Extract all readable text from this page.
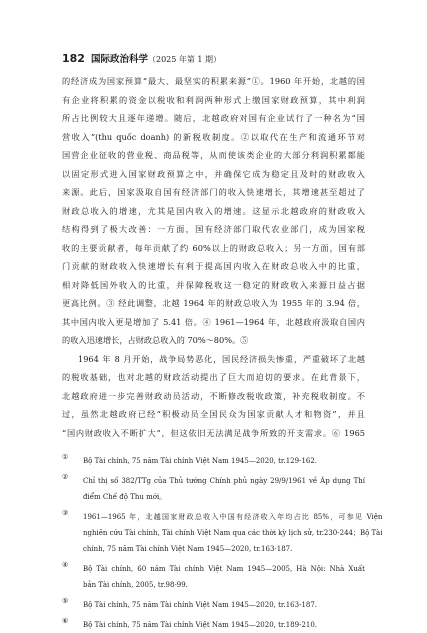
182 国际政治科学（2025 年第 1 期）
的经济成为国家预算“最大、最坚实的积累来源”①。1960 年开始，北越的国
有企业将积累的资金以税收和利润两种形式上缴国家财政预算，其中利润
所占比例较大且逐年递增。随后，北越政府对国有企业试行了一种名为“国
营收入”(thu quốc doanh) 的新税收制度。②以取代在生产和流通环节对
国营企业征收的营业税、商品税等，从而使该类企业的大部分利润积累都能
以固定形式进入国家财政预算之中，并确保它成为稳定且及时的财政收入
来源。此后，国家汲取自国有经济部门的收入快速增长，其增速甚至超过了
财政总收入的增速，尤其是国内收入的增速。这显示北越政府的财政收入
结构得到了极大改善：一方面，国有经济部门取代农业部门，成为国家税
收的主要贡献者，每年贡献了约 60%以上的财政总收入；另一方面，国有部
门贡献的财政收入快速增长有利于提高国内收入在财政总收入中的比重，
相对降低国外收入的比重，并保障税收这一稳定的财政收入来源日益占据
更高比例。③ 经此调整，北越 1964 年的财政总收入为 1955 年的 3.94 倍，
其中国内收入更是增加了 5.41 倍。④ 1961—1964 年，北越政府汲取自国内
的收入迅速增长，占财政总收入的 70%～80%。⑤
1964 年 8 月开始，战争局势恶化，国民经济损失惨重，严重破坏了北越
的税收基础，也对北越的财政活动提出了巨大而迫切的要求。在此背景下，
北越政府进一步完善财政动员活动，不断修改税收政策，补充税收制度。不
过，虽然北越政府已经“积极动员全国民众为国家贡献人才和物资”，并且
“国内财政收入不断扩大”，但这依旧无法满足战争所致的开支需求。⑥ 1965
①	Bộ Tài chính, 75 năm Tài chính Việt Nam 1945—2020, tr.129-162.
②	Chỉ thị số 382/TTg của Thủ tướng Chính phủ ngày 29/9/1961 về Áp dụng Thí
điểm Chế độ Thu mới。
③	1961—1965 年，北越国家财政总收入中国有经济收入年均占比 85%，可参见 Viện
nghiên cứu Tài chính, Tài chính Việt Nam qua các thời kỳ lịch sử, tr.230-244；Bộ Tài
chính, 75 năm Tài chính Việt Nam 1945—2020, tr.163-187.
④	Bộ Tài chính, 60 năm Tài chính Việt Nam 1945—2005, Hà Nội: Nhà Xuất
bản Tài chính, 2005, tr.98-99.
⑤	Bộ Tài chính, 75 năm Tài chính Việt Nam 1945—2020, tr.163-187.
⑥	Bộ Tài chính, 75 năm Tài chính Việt Nam 1945—2020, tr.189-210.
